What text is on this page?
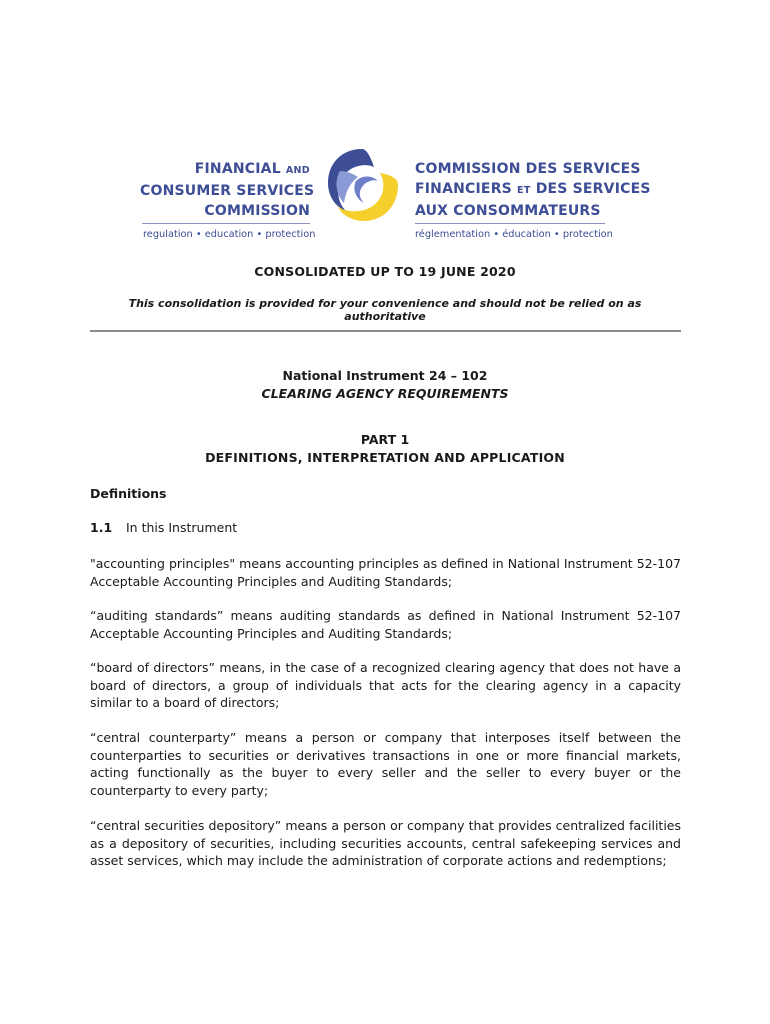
FINANCIAL AND
CONSUMER SERVICES
COMMISSION
regulation • education • protection
COMMISSION DES SERVICES
FINANCIERS ET DES SERVICES
AUX CONSOMMATEURS
réglementation • éducation • protection
CONSOLIDATED UP TO 19 JUNE 2020
This consolidation is provided for your convenience and should not be relied on as authoritative
National Instrument 24 – 102
CLEARING AGENCY REQUIREMENTS
PART 1
DEFINITIONS, INTERPRETATION AND APPLICATION
Definitions
1.1 In this Instrument
"accounting principles" means accounting principles as defined in National Instrument 52-107 Acceptable Accounting Principles and Auditing Standards;
“auditing standards” means auditing standards as defined in National Instrument 52-107 Acceptable Accounting Principles and Auditing Standards;
“board of directors” means, in the case of a recognized clearing agency that does not have a board of directors, a group of individuals that acts for the clearing agency in a capacity similar to a board of directors;
“central counterparty” means a person or company that interposes itself between the counterparties to securities or derivatives transactions in one or more financial markets, acting functionally as the buyer to every seller and the seller to every buyer or the counterparty to every party;
“central securities depository” means a person or company that provides centralized facilities as a depository of securities, including securities accounts, central safekeeping services and asset services, which may include the administration of corporate actions and redemptions;
